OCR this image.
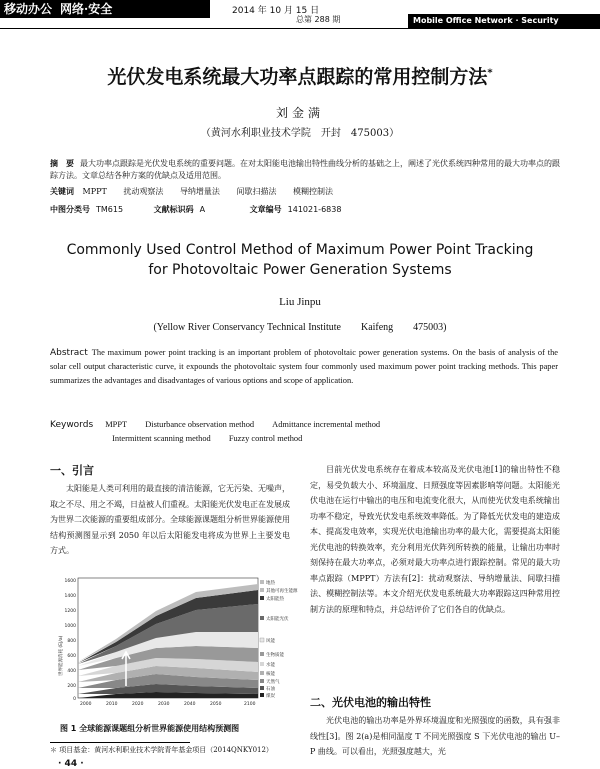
移动办公 网络·安全	2014 年 10 月 15 日
总第 288 期	Mobile Office Network · Security
光伏发电系统最大功率点跟踪的常用控制方法*
刘金满
（黄河水利职业技术学院　开封　475003）
摘　要 最大功率点跟踪是光伏发电系统的重要问题。在对太阳能电池输出特性曲线分析的基础之上，阐述了光伏系统四种常用的最大功率点的跟踪方法。文章总结各种方案的优缺点及适用范围。
关键词 MPPT 扰动观察法 导纳增量法 间歇扫描法 模糊控制法
中图分类号 TM615	文献标识码 A	文章编号 141021-6838
Commonly Used Control Method of Maximum Power Point Tracking
for Photovoltaic Power Generation Systems
Liu Jinpu
(Yellow River Conservancy Technical Institute　　Kaifeng　　475003)
Abstract The maximum power point tracking is an important problem of photovoltaic power generation systems. On the basis of analysis of the solar cell output characteristic curve, it expounds the photovoltaic system four commonly used maximum power point tracking methods. This paper summarizes the advantages and disadvantages of various options and scope of application.
Keywords MPPT Disturbance observation method Admittance incremental method
Intermittent scanning method Fuzzy control method
一、引言
太阳能是人类可利用的最直接的清洁能源，它无污染、无噪声，取之不尽、用之不竭，日益被人们重视。太阳能光伏发电正在发展成为世界二次能源的重要组成部分。全球能源课题组分析世界能源使用结构预测图显示到 2050 年以后太阳能发电将成为世界上主要发电方式。
1600
1400
1200
1000
800
600
400
200
0
世界能源消耗 (EJ/a)
2000	2010	2020	2030	2040	2050	2100
地热
其他可再生能源
太阳能热
太阳能光伏
风能
生物质能
水能
核能
天然气
石油
煤炭
图 1 全球能源课题组分析世界能源使用结构预测图
目前光伏发电系统存在着成本较高及光伏电池[1]的输出特性不稳定，易受负载大小、环境温度、日照强度等因素影响等问题。太阳能光伏电池在运行中输出的电压和电流变化很大，从而使光伏发电系统输出功率不稳定，导致光伏发电系统效率降低。为了降低光伏发电的建造成本、提高发电效率，实现光伏电池输出功率的最大化，需要提高太阳能光伏电池的转换效率，充分利用光伏阵列所转换的能量，让输出功率时刻保持在最大功率点，必须对最大功率点进行跟踪控制。常见的最大功率点跟踪（MPPT）方法有[2]：扰动观察法、导纳增量法、间歇扫描法、模糊控制法等。本文介绍光伏发电系统最大功率跟踪这四种常用控制方法的原理和特点，并总结评价了它们各自的优缺点。
二、光伏电池的输出特性
光伏电池的输出功率是外界环境温度和光照强度的函数，具有强非线性[3]。图 2(a)是相同温度 T 不同光照强度 S 下光伏电池的输出 U–P 曲线。可以看出，光照强度越大，光
＊ 项目基金：黄河水利职业技术学院青年基金项目（2014QNKY012）
· 44 ·
